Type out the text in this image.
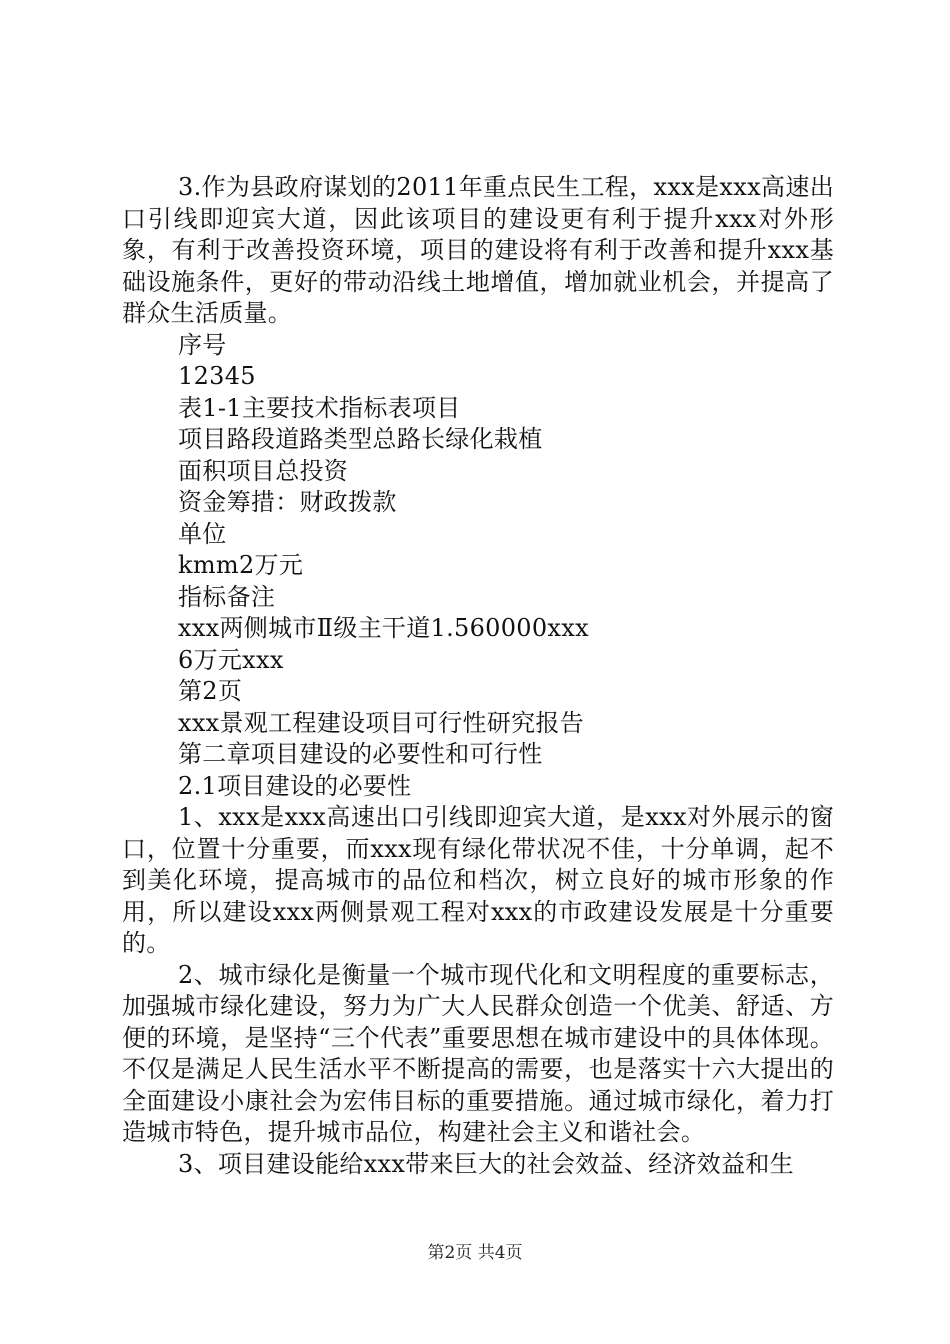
3.作为县政府谋划的2011年重点民生工程，xxx是xxx高速出口引线即迎宾大道，因此该项目的建设更有利于提升xxx对外形象，有利于改善投资环境，项目的建设将有利于改善和提升xxx基础设施条件，更好的带动沿线土地增值，增加就业机会，并提高了群众生活质量。

序号

12345

表1-1主要技术指标表项目

项目路段道路类型总路长绿化栽植

面积项目总投资

资金筹措：财政拨款

单位

kmm2万元

指标备注

xxx两侧城市Ⅱ级主干道1.560000xxx

6万元xxx

第2页

xxx景观工程建设项目可行性研究报告

第二章项目建设的必要性和可行性

2.1项目建设的必要性

1、xxx是xxx高速出口引线即迎宾大道，是xxx对外展示的窗口，位置十分重要，而xxx现有绿化带状况不佳，十分单调，起不到美化环境，提高城市的品位和档次，树立良好的城市形象的作用，所以建设xxx两侧景观工程对xxx的市政建设发展是十分重要的。

2、城市绿化是衡量一个城市现代化和文明程度的重要标志，加强城市绿化建设，努力为广大人民群众创造一个优美、舒适、方便的环境，是坚持“三个代表”重要思想在城市建设中的具体体现。不仅是满足人民生活水平不断提高的需要，也是落实十六大提出的全面建设小康社会为宏伟目标的重要措施。通过城市绿化，着力打造城市特色，提升城市品位，构建社会主义和谐社会。

3、项目建设能给xxx带来巨大的社会效益、经济效益和生

第2页 共4页
